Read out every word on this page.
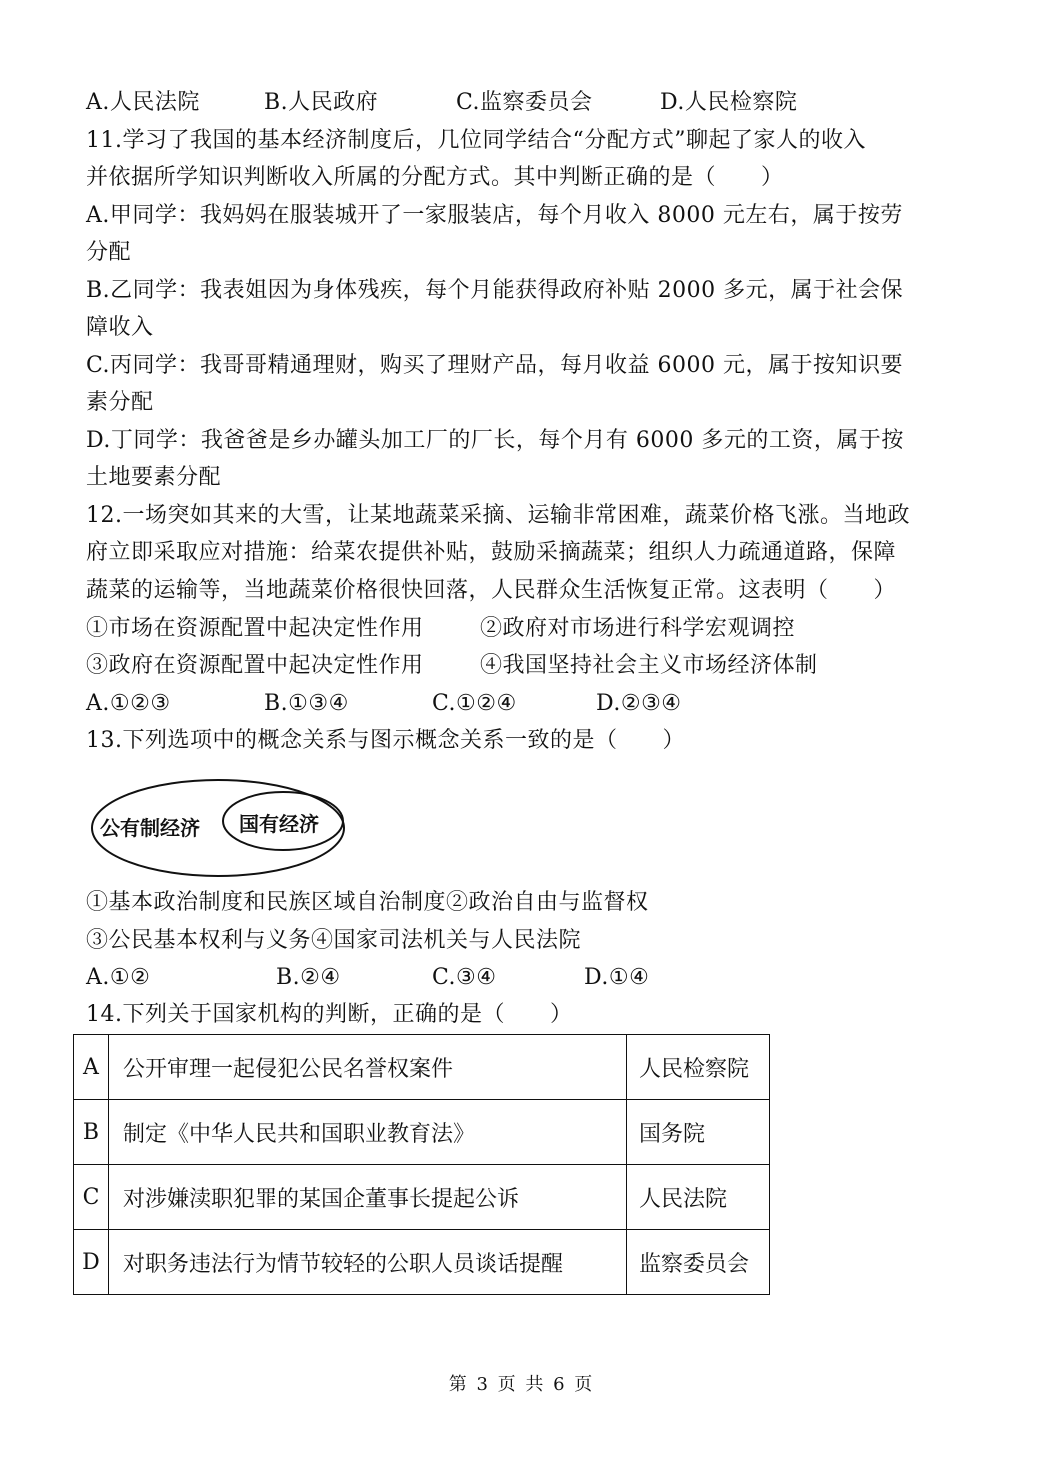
A.人民法院	B.人民政府	C.监察委员会	D.人民检察院
11.学习了我国的基本经济制度后，几位同学结合“分配方式”聊起了家人的收入
并依据所学知识判断收入所属的分配方式。其中判断正确的是（　　）
A.甲同学：我妈妈在服装城开了一家服装店，每个月收入 8000 元左右，属于按劳
分配
B.乙同学：我表姐因为身体残疾，每个月能获得政府补贴 2000 多元，属于社会保
障收入
C.丙同学：我哥哥精通理财，购买了理财产品，每月收益 6000 元，属于按知识要
素分配
D.丁同学：我爸爸是乡办罐头加工厂的厂长，每个月有 6000 多元的工资，属于按
土地要素分配
12.一场突如其来的大雪，让某地蔬菜采摘、运输非常困难，蔬菜价格飞涨。当地政
府立即采取应对措施：给菜农提供补贴，鼓励采摘蔬菜；组织人力疏通道路，保障
蔬菜的运输等，当地蔬菜价格很快回落，人民群众生活恢复正常。这表明（　　）
①市场在资源配置中起决定性作用	②政府对市场进行科学宏观调控
③政府在资源配置中起决定性作用	④我国坚持社会主义市场经济体制
A.①②③	B.①③④	C.①②④	D.②③④
13.下列选项中的概念关系与图示概念关系一致的是（　　）
公有制经济 国有经济
①基本政治制度和民族区域自治制度②政治自由与监督权
③公民基本权利与义务④国家司法机关与人民法院
A.①②	B.②④	C.③④	D.①④
14.下列关于国家机构的判断，正确的是（　　）
A	公开审理一起侵犯公民名誉权案件	人民检察院
B	制定《中华人民共和国职业教育法》	国务院
C	对涉嫌渎职犯罪的某国企董事长提起公诉	人民法院
D	对职务违法行为情节较轻的公职人员谈话提醒	监察委员会
第 3 页 共 6 页
